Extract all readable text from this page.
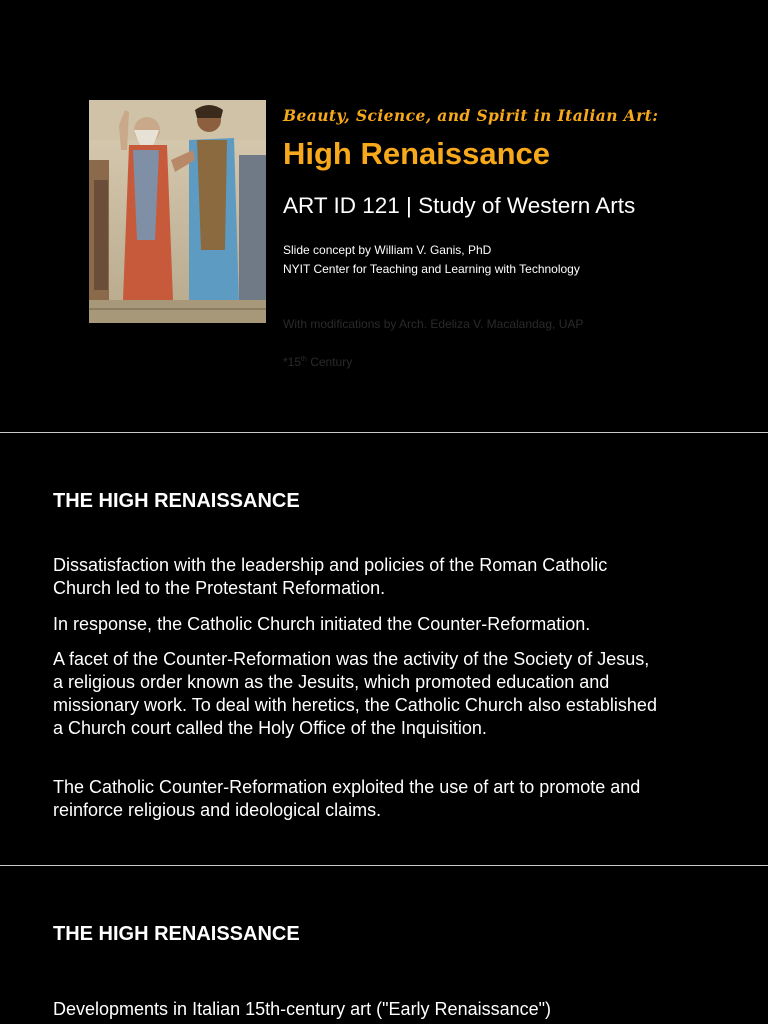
Beauty, Science, and Spirit in Italian Art:
High Renaissance
ART ID 121 | Study of Western Arts
Slide concept by William V. Ganis, PhD
NYIT Center for Teaching and Learning with Technology
With modifications by Arch. Edeliza V. Macalandag, UAP
*15th Century
THE HIGH RENAISSANCE

Dissatisfaction with the leadership and policies of the Roman Catholic Church led to the Protestant Reformation.

In response, the Catholic Church initiated the Counter-Reformation.

A facet of the Counter-Reformation was the activity of the Society of Jesus, a religious order known as the Jesuits, which promoted education and missionary work. To deal with heretics, the Catholic Church also established a Church court called the Holy Office of the Inquisition.

The Catholic Counter-Reformation exploited the use of art to promote and reinforce religious and ideological claims.

THE HIGH RENAISSANCE

Developments in Italian 15th-century art ("Early Renaissance")
